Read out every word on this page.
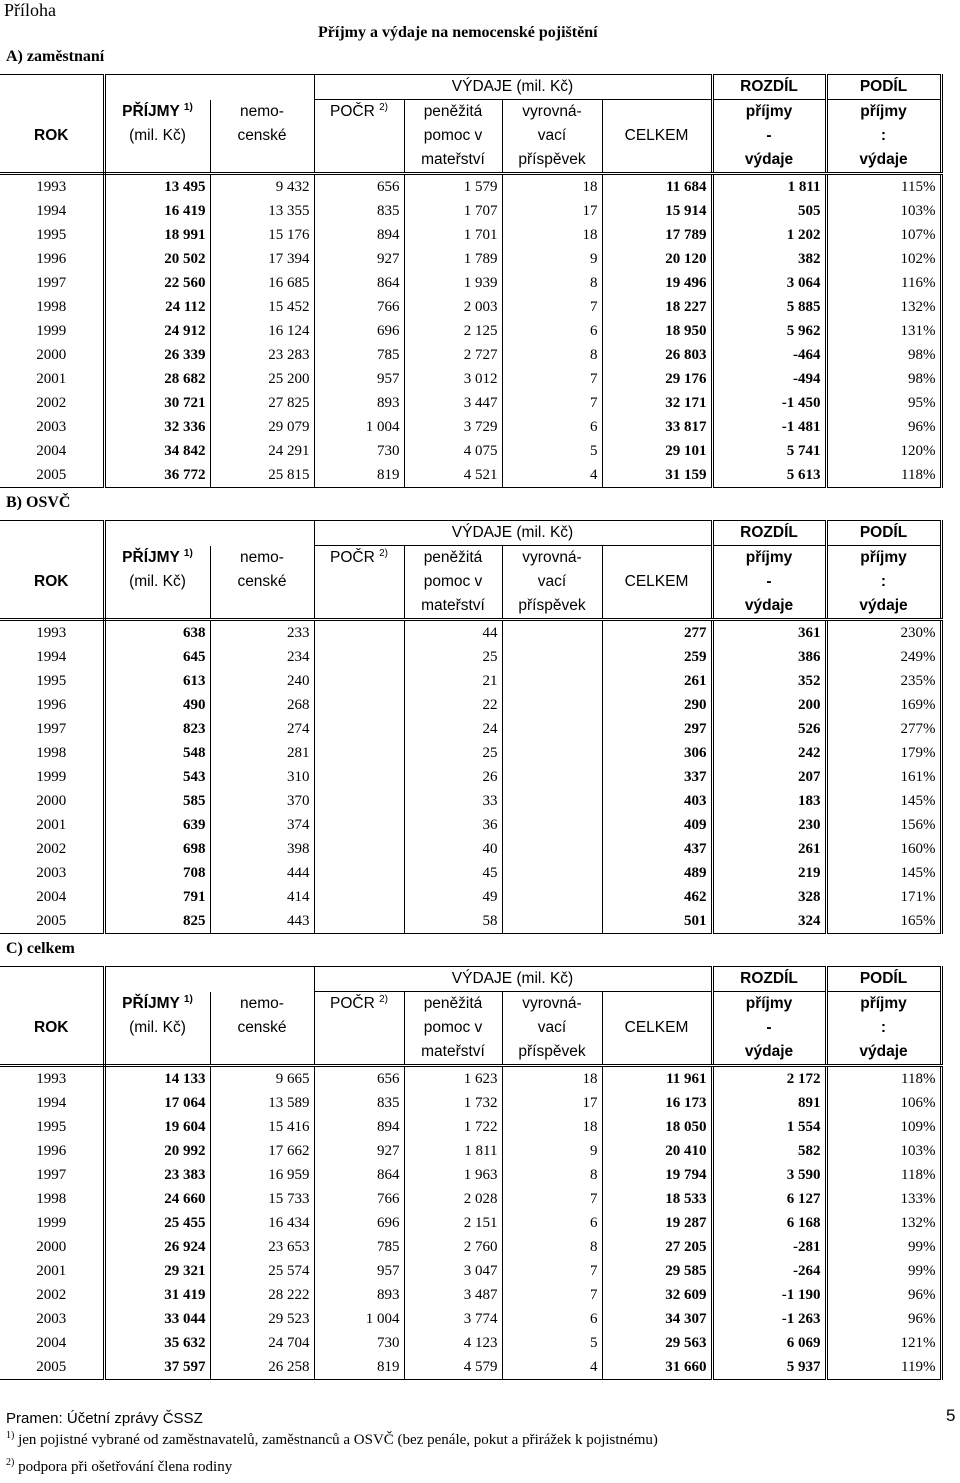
Příloha
Příjmy a výdaje na nemocenské pojištění
A) zaměstnaní
B) OSVČ
C) celkem
			VÝDAJE (mil. Kč)				ROZDÍL	PODÍL
	PŘÍJMY $^{1)}$	nemo-	POČR $^{2)}$	peněžitá	vyrovná-		příjmy	příjmy
ROK	(mil. Kč)	censké		pomoc v	vací	CELKEM	-	:
				mateřství	příspěvek		výdaje	výdaje
1993	13 495	9 432	656	1 579	18	11 684	1 811	115%
1994	16 419	13 355	835	1 707	17	15 914	505	103%
1995	18 991	15 176	894	1 701	18	17 789	1 202	107%
1996	20 502	17 394	927	1 789	9	20 120	382	102%
1997	22 560	16 685	864	1 939	8	19 496	3 064	116%
1998	24 112	15 452	766	2 003	7	18 227	5 885	132%
1999	24 912	16 124	696	2 125	6	18 950	5 962	131%
2000	26 339	23 283	785	2 727	8	26 803	-464	98%
2001	28 682	25 200	957	3 012	7	29 176	-494	98%
2002	30 721	27 825	893	3 447	7	32 171	-1 450	95%
2003	32 336	29 079	1 004	3 729	6	33 817	-1 481	96%
2004	34 842	24 291	730	4 075	5	29 101	5 741	120%
2005	36 772	25 815	819	4 521	4	31 159	5 613	118%
			VÝDAJE (mil. Kč)				ROZDÍL	PODÍL
	PŘÍJMY $^{1)}$	nemo-	POČR $^{2)}$	peněžitá	vyrovná-		příjmy	příjmy
ROK	(mil. Kč)	censké		pomoc v	vací	CELKEM	-	:
				mateřství	příspěvek		výdaje	výdaje
1993	638	233		44		277	361	230%
1994	645	234		25		259	386	249%
1995	613	240		21		261	352	235%
1996	490	268		22		290	200	169%
1997	823	274		24		297	526	277%
1998	548	281		25		306	242	179%
1999	543	310		26		337	207	161%
2000	585	370		33		403	183	145%
2001	639	374		36		409	230	156%
2002	698	398		40		437	261	160%
2003	708	444		45		489	219	145%
2004	791	414		49		462	328	171%
2005	825	443		58		501	324	165%
			VÝDAJE (mil. Kč)				ROZDÍL	PODÍL
	PŘÍJMY $^{1)}$	nemo-	POČR $^{2)}$	peněžitá	vyrovná-		příjmy	příjmy
ROK	(mil. Kč)	censké		pomoc v	vací	CELKEM	-	:
				mateřství	příspěvek		výdaje	výdaje
1993	14 133	9 665	656	1 623	18	11 961	2 172	118%
1994	17 064	13 589	835	1 732	17	16 173	891	106%
1995	19 604	15 416	894	1 722	18	18 050	1 554	109%
1996	20 992	17 662	927	1 811	9	20 410	582	103%
1997	23 383	16 959	864	1 963	8	19 794	3 590	118%
1998	24 660	15 733	766	2 028	7	18 533	6 127	133%
1999	25 455	16 434	696	2 151	6	19 287	6 168	132%
2000	26 924	23 653	785	2 760	8	27 205	-281	99%
2001	29 321	25 574	957	3 047	7	29 585	-264	99%
2002	31 419	28 222	893	3 487	7	32 609	-1 190	96%
2003	33 044	29 523	1 004	3 774	6	34 307	-1 263	96%
2004	35 632	24 704	730	4 123	5	29 563	6 069	121%
2005	37 597	26 258	819	4 579	4	31 660	5 937	119%
Pramen: Účetní zprávy ČSSZ
$^{1)}$ jen pojistné vybrané od zaměstnavatelů, zaměstnanců a OSVČ (bez penále, pokut a přirážek k pojistnému)
$^{2)}$ podpora při ošetřování člena rodiny
5
